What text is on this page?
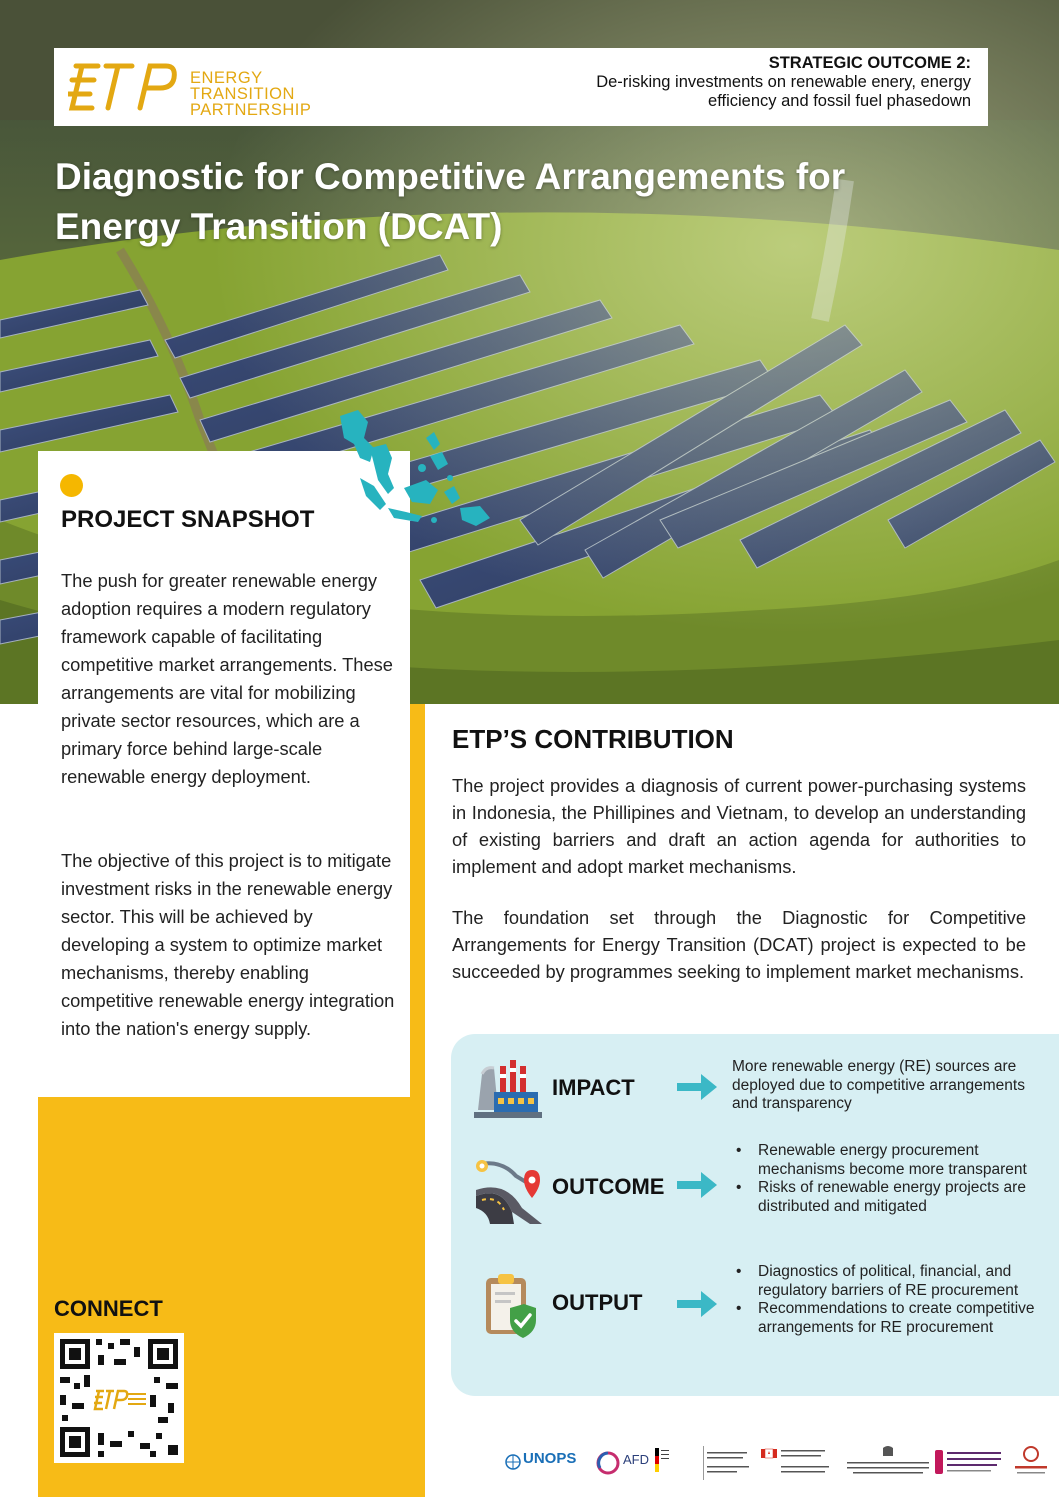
ENERGY
TRANSITION
PARTNERSHIP
STRATEGIC OUTCOME 2:
De-risking investments on renewable enery, energy
efficiency and fossil fuel phasedown
Diagnostic for Competitive Arrangements for
Energy Transition (DCAT)
PROJECT SNAPSHOT

The push for greater renewable energy adoption requires a modern regulatory framework capable of facilitating competitive market arrangements. These arrangements are vital for mobilizing private sector resources, which are a primary force behind large-scale renewable energy deployment.

The objective of this project is to mitigate investment risks in the renewable energy sector. This will be achieved by developing a system to optimize market mechanisms, thereby enabling competitive renewable energy integration into the nation's energy supply.

CONNECT
ETP’S CONTRIBUTION

The project provides a diagnosis of current power-purchasing systems in Indonesia, the Phillipines and Vietnam, to develop an understanding of existing barriers and draft an action agenda for authorities to implement and adopt market mechanisms.

The foundation set through the Diagnostic for Competitive Arrangements for Energy Transition (DCAT) project is expected to be succeeded by programmes seeking to implement market mechanisms.

IMPACT
More renewable energy (RE) sources are deployed due to competitive arrangements and transparency
OUTCOME
• Renewable energy procurement mechanisms become more transparent
• Risks of renewable energy projects are distributed and mitigated
OUTPUT
• Diagnostics of political, financial, and regulatory barriers of RE procurement
• Recommendations to create competitive arrangements for RE procurement
UNOPS	AFD
